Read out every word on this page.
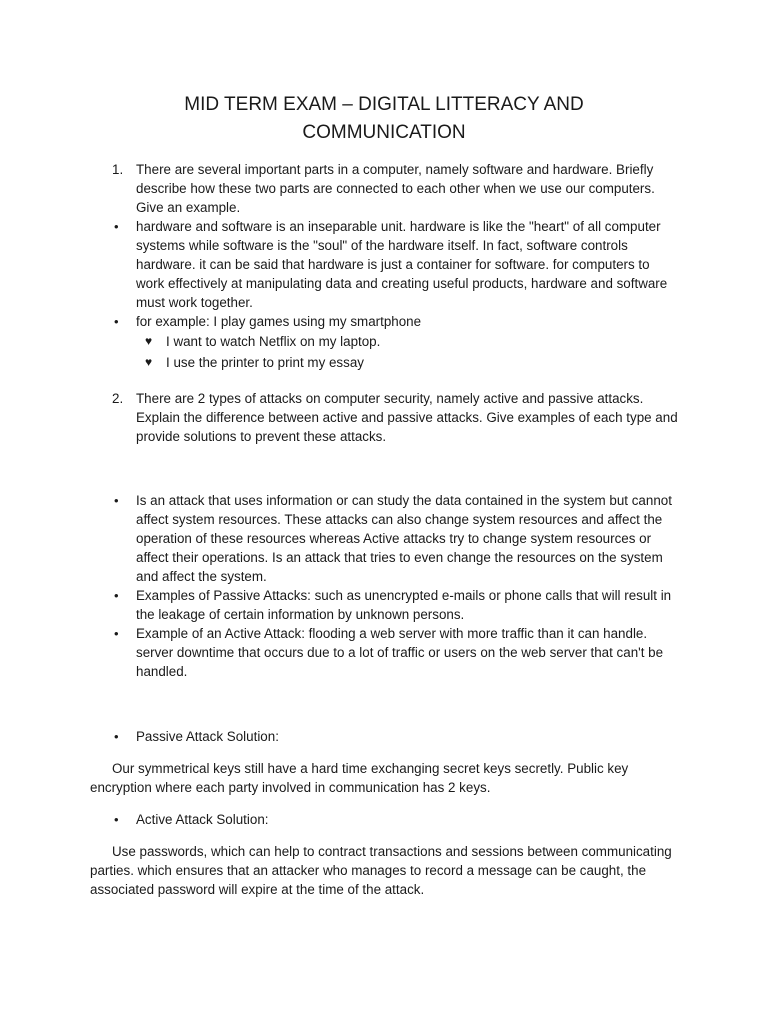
MID TERM EXAM – DIGITAL LITTERACY AND
COMMUNICATION
1. There are several important parts in a computer, namely software and hardware. Briefly describe how these two parts are connected to each other when we use our computers. Give an example.
• hardware and software is an inseparable unit. hardware is like the "heart" of all computer systems while software is the "soul" of the hardware itself. In fact, software controls hardware. it can be said that hardware is just a container for software. for computers to work effectively at manipulating data and creating useful products, hardware and software must work together.
• for example: I play games using my smartphone
♥ I want to watch Netflix on my laptop.
♥ I use the printer to print my essay
2. There are 2 types of attacks on computer security, namely active and passive attacks. Explain the difference between active and passive attacks. Give examples of each type and provide solutions to prevent these attacks.
• Is an attack that uses information or can study the data contained in the system but cannot affect system resources. These attacks can also change system resources and affect the operation of these resources whereas Active attacks try to change system resources or affect their operations. Is an attack that tries to even change the resources on the system and affect the system.
• Examples of Passive Attacks: such as unencrypted e-mails or phone calls that will result in the leakage of certain information by unknown persons.
• Example of an Active Attack: flooding a web server with more traffic than it can handle. server downtime that occurs due to a lot of traffic or users on the web server that can't be handled.
• Passive Attack Solution:

Our symmetrical keys still have a hard time exchanging secret keys secretly. Public key encryption where each party involved in communication has 2 keys.

• Active Attack Solution:

Use passwords, which can help to contract transactions and sessions between communicating parties. which ensures that an attacker who manages to record a message can be caught, the associated password will expire at the time of the attack.
